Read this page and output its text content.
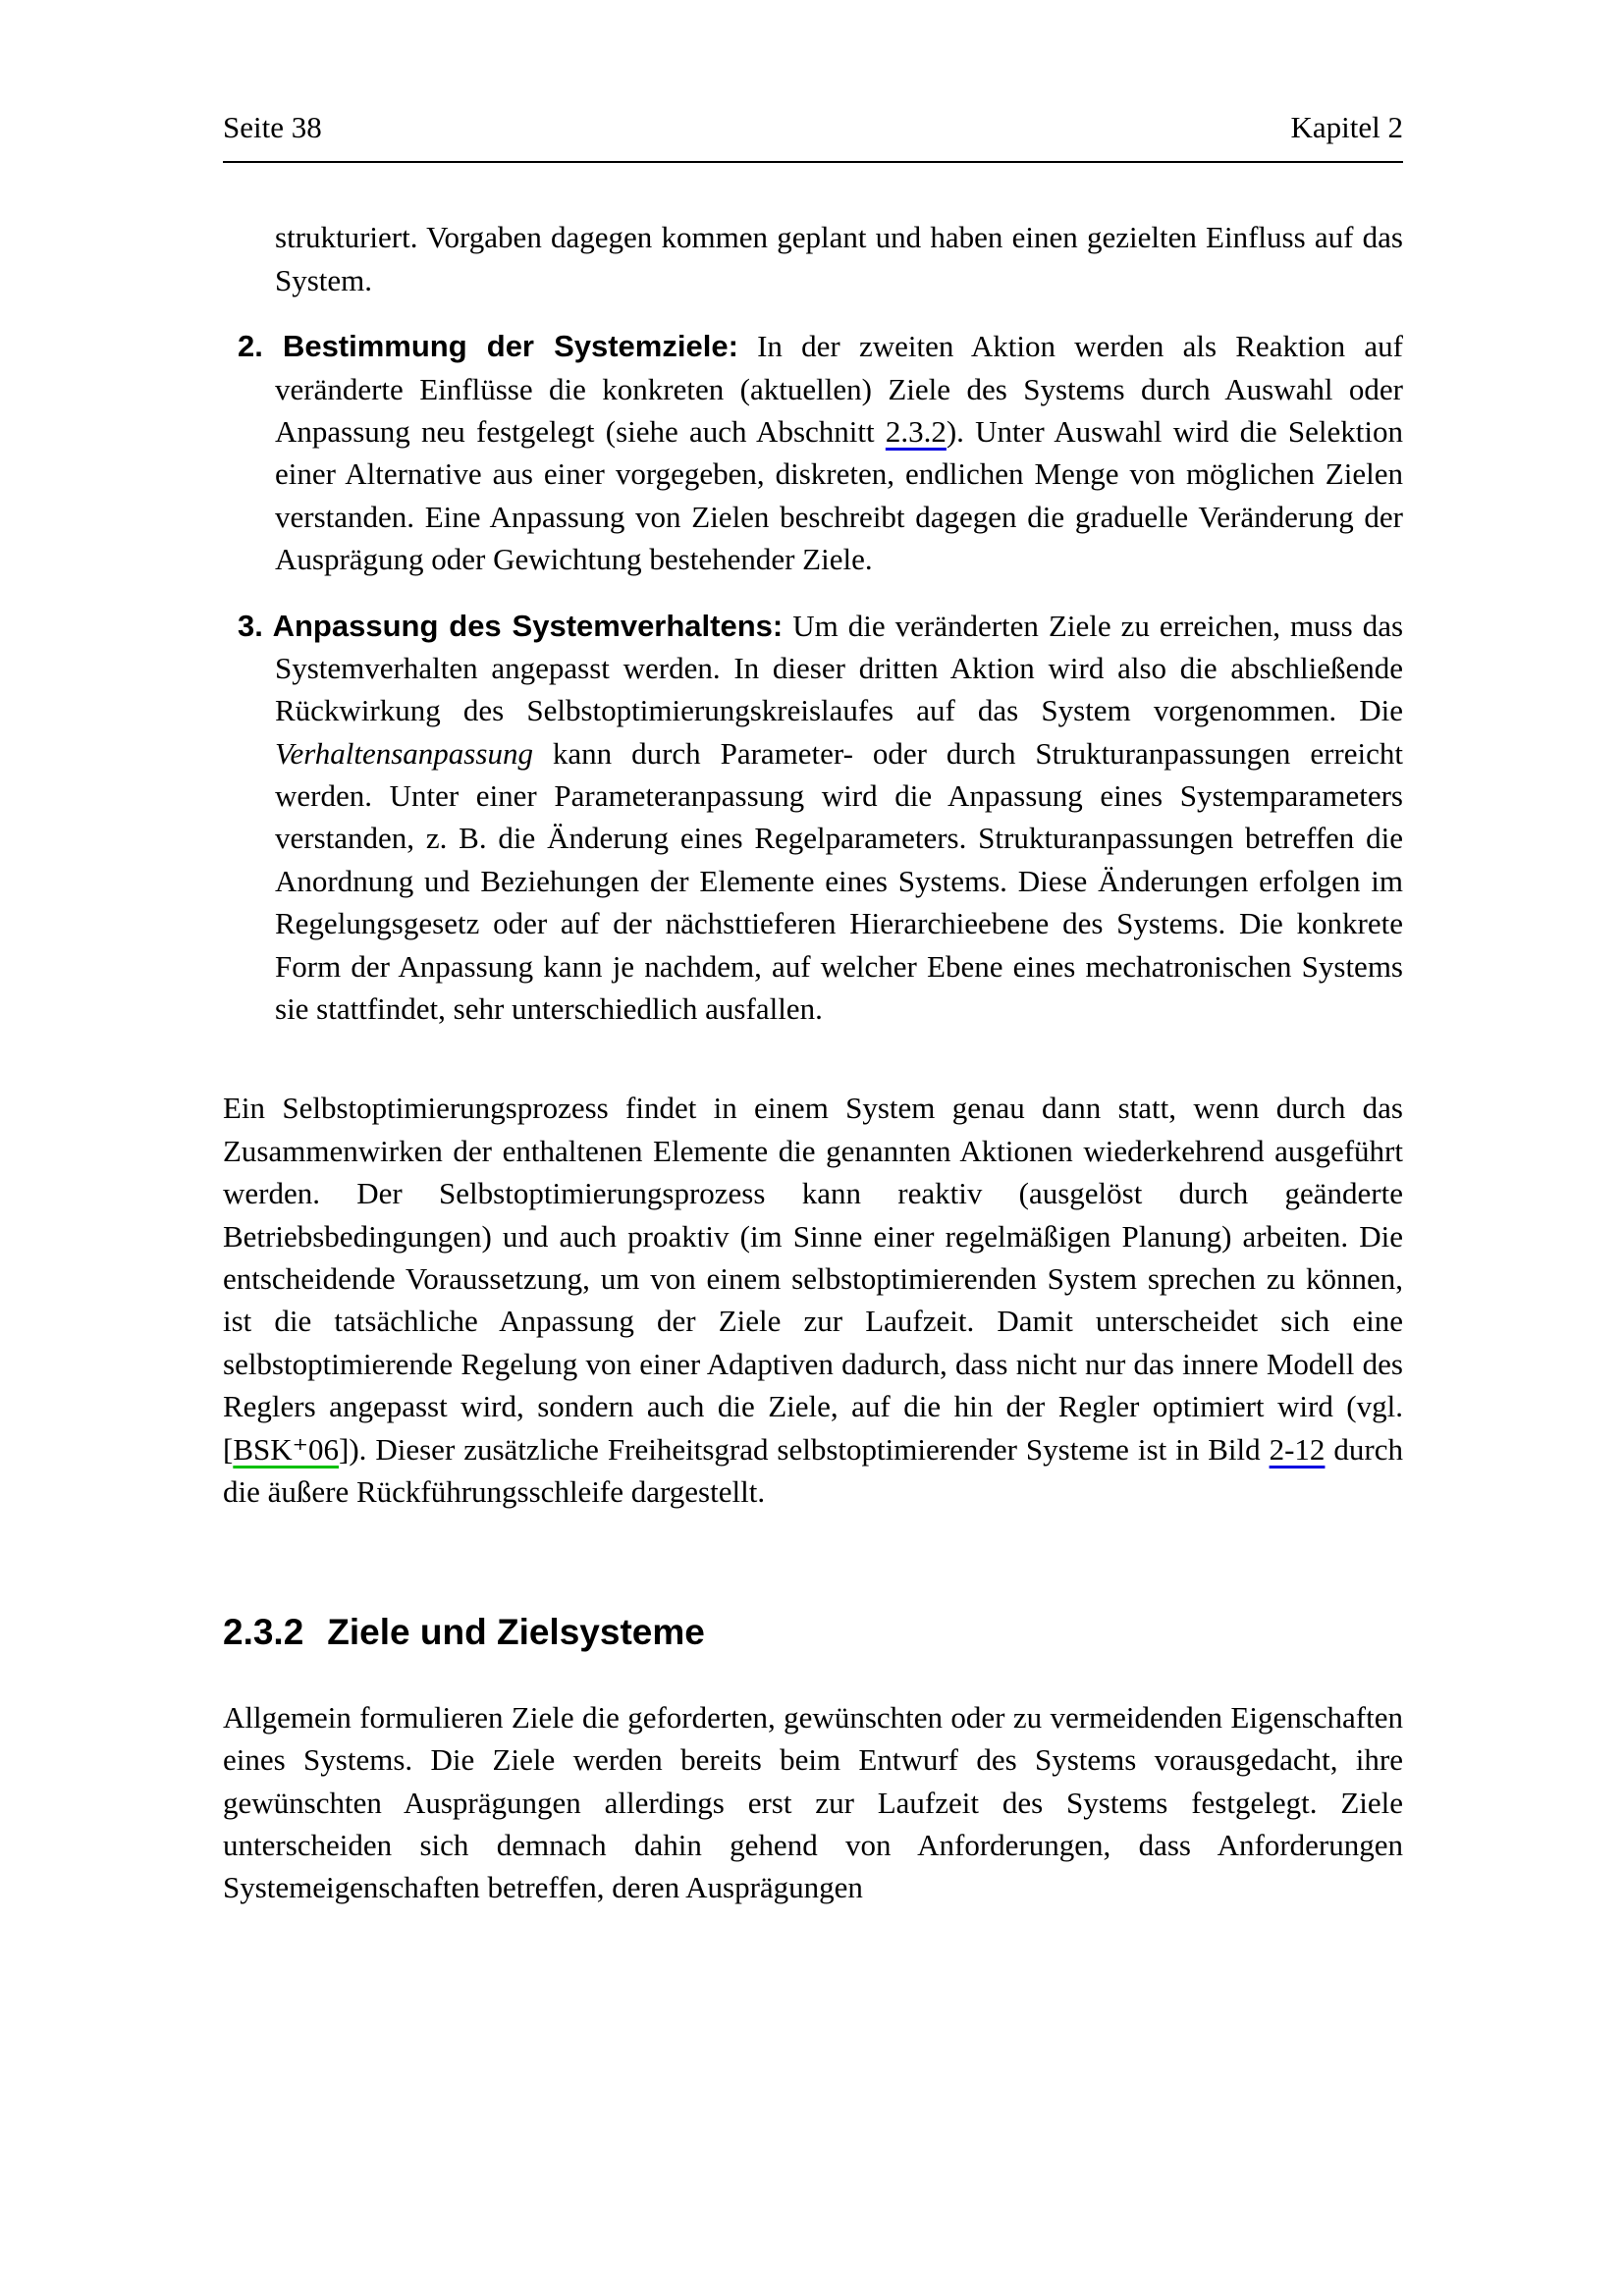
Seite 38	Kapitel 2
strukturiert. Vorgaben dagegen kommen geplant und haben einen gezielten Einfluss auf das System.
2. Bestimmung der Systemziele: In der zweiten Aktion werden als Reaktion auf veränderte Einflüsse die konkreten (aktuellen) Ziele des Systems durch Auswahl oder Anpassung neu festgelegt (siehe auch Abschnitt 2.3.2). Unter Auswahl wird die Selektion einer Alternative aus einer vorgegeben, diskreten, endlichen Menge von möglichen Zielen verstanden. Eine Anpassung von Zielen beschreibt dagegen die graduelle Veränderung der Ausprägung oder Gewichtung bestehender Ziele.
3. Anpassung des Systemverhaltens: Um die veränderten Ziele zu erreichen, muss das Systemverhalten angepasst werden. In dieser dritten Aktion wird also die abschließende Rückwirkung des Selbstoptimierungskreislaufes auf das System vorgenommen. Die Verhaltensanpassung kann durch Parameter- oder durch Strukturanpassungen erreicht werden. Unter einer Parameteranpassung wird die Anpassung eines Systemparameters verstanden, z. B. die Änderung eines Regelparameters. Strukturanpassungen betreffen die Anordnung und Beziehungen der Elemente eines Systems. Diese Änderungen erfolgen im Regelungsgesetz oder auf der nächsttieferen Hierarchieebene des Systems. Die konkrete Form der Anpassung kann je nachdem, auf welcher Ebene eines mechatronischen Systems sie stattfindet, sehr unterschiedlich ausfallen.

Ein Selbstoptimierungsprozess findet in einem System genau dann statt, wenn durch das Zusammenwirken der enthaltenen Elemente die genannten Aktionen wiederkehrend ausgeführt werden. Der Selbstoptimierungsprozess kann reaktiv (ausgelöst durch geänderte Betriebsbedingungen) und auch proaktiv (im Sinne einer regelmäßigen Planung) arbeiten. Die entscheidende Voraussetzung, um von einem selbstoptimierenden System sprechen zu können, ist die tatsächliche Anpassung der Ziele zur Laufzeit. Damit unterscheidet sich eine selbstoptimierende Regelung von einer Adaptiven dadurch, dass nicht nur das innere Modell des Reglers angepasst wird, sondern auch die Ziele, auf die hin der Regler optimiert wird (vgl. [BSK⁺06]). Dieser zusätzliche Freiheitsgrad selbstoptimierender Systeme ist in Bild 2-12 durch die äußere Rückführungsschleife dargestellt.

2.3.2 Ziele und Zielsysteme

Allgemein formulieren Ziele die geforderten, gewünschten oder zu vermeidenden Eigenschaften eines Systems. Die Ziele werden bereits beim Entwurf des Systems vorausgedacht, ihre gewünschten Ausprägungen allerdings erst zur Laufzeit des Systems festgelegt. Ziele unterscheiden sich demnach dahin gehend von Anforderungen, dass Anforderungen Systemeigenschaften betreffen, deren Ausprägungen
